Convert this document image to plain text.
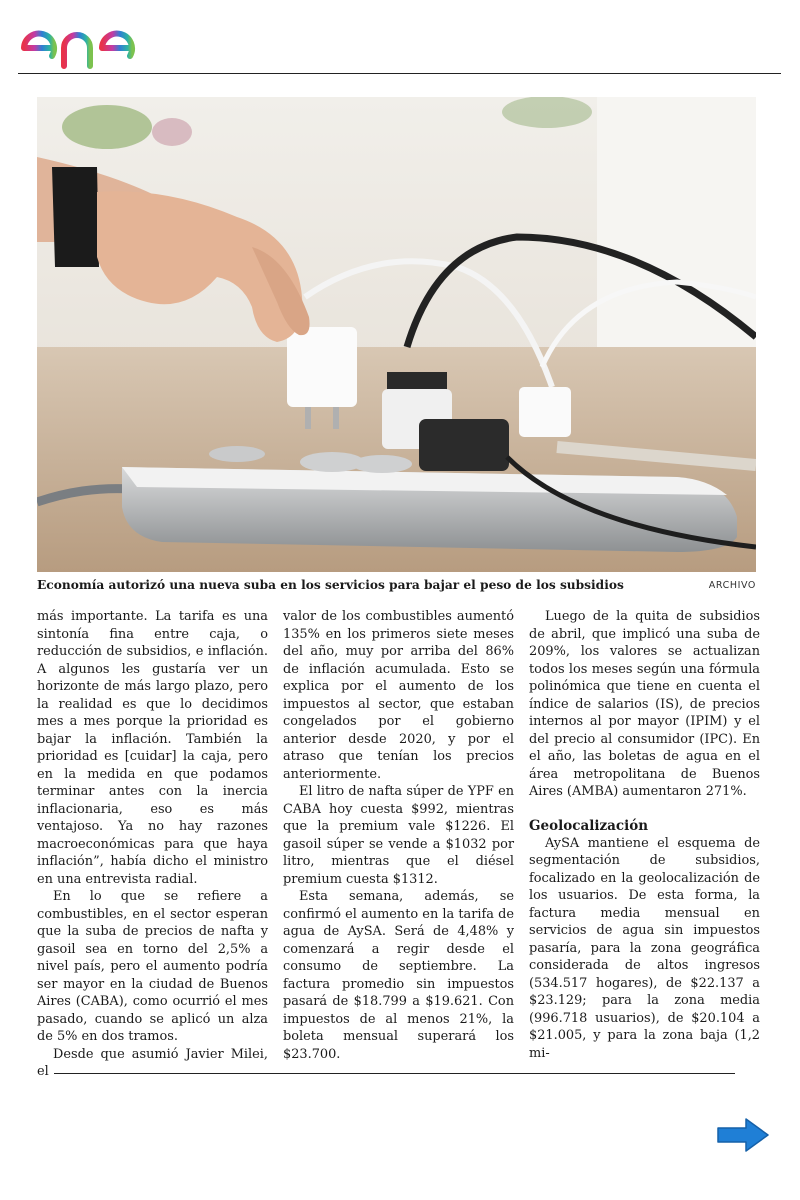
Economía autorizó una nueva suba en los servicios para bajar el peso de los subsidios	ARCHIVO

más importante. La tarifa es una sintonía fina entre caja, o reducción de subsidios, e inflación. A algunos les gustaría ver un horizonte de más largo plazo, pero la realidad es que lo decidimos mes a mes porque la prioridad es bajar la inflación. También la prioridad es [cuidar] la caja, pero en la medida en que podamos terminar antes con la inercia inflacionaria, eso es más ventajoso. Ya no hay razones macroeconómicas para que haya inflación”, había dicho el ministro en una entrevista radial.

En lo que se refiere a combustibles, en el sector esperan que la suba de precios de nafta y gasoil sea en torno del 2,5% a nivel país, pero el aumento podría ser mayor en la ciudad de Buenos Aires (CABA), como ocurrió el mes pasado, cuando se aplicó un alza de 5% en dos tramos.

Desde que asumió Javier Milei, el

valor de los combustibles aumentó 135% en los primeros siete meses del año, muy por arriba del 86% de inflación acumulada. Esto se explica por el aumento de los impuestos al sector, que estaban congelados por el gobierno anterior desde 2020, y por el atraso que tenían los precios anteriormente.

El litro de nafta súper de YPF en CABA hoy cuesta $992, mientras que la premium vale $1226. El gasoil súper se vende a $1032 por litro, mientras que el diésel premium cuesta $1312.

Esta semana, además, se confirmó el aumento en la tarifa de agua de AySA. Será de 4,48% y comenzará a regir desde el consumo de septiembre. La factura promedio sin impuestos pasará de $18.799 a $19.621. Con impuestos de al menos 21%, la boleta mensual superará los $23.700.

Luego de la quita de subsidios de abril, que implicó una suba de 209%, los valores se actualizan todos los meses según una fórmula polinómica que tiene en cuenta el índice de salarios (IS), de precios internos al por mayor (IPIM) y el del precio al consumidor (IPC). En el año, las boletas de agua en el área metropolitana de Buenos Aires (AMBA) aumentaron 271%.

Geolocalización

AySA mantiene el esquema de segmentación de subsidios, focalizado en la geolocalización de los usuarios. De esta forma, la factura media mensual en servicios de agua sin impuestos pasaría, para la zona geográfica considerada de altos ingresos (534.517 hogares), de $22.137 a $23.129; para la zona media (996.718 usuarios), de $20.104 a $21.005, y para la zona baja (1,2 mi-
